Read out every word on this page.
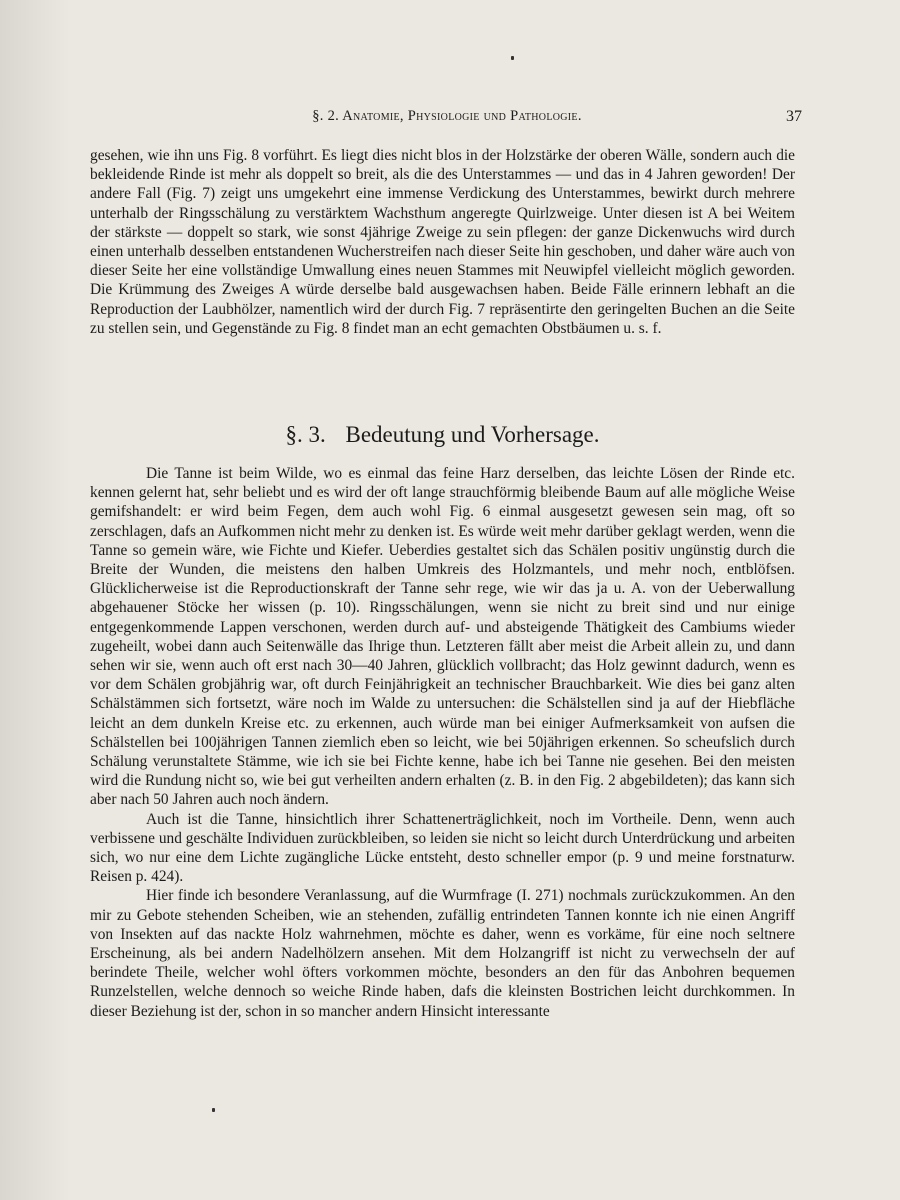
§. 2. Anatomie, Physiologie und Pathologie.	37

gesehen, wie ihn uns Fig. 8 vorführt. Es liegt dies nicht blos in der Holzstärke der oberen Wälle, sondern auch die bekleidende Rinde ist mehr als doppelt so breit, als die des Unterstammes — und das in 4 Jahren geworden! Der andere Fall (Fig. 7) zeigt uns umgekehrt eine immense Verdickung des Unterstammes, bewirkt durch mehrere unterhalb der Ringsschälung zu verstärktem Wachsthum angeregte Quirlzweige. Unter diesen ist A bei Weitem der stärkste — doppelt so stark, wie sonst 4jährige Zweige zu sein pflegen: der ganze Dickenwuchs wird durch einen unterhalb desselben entstandenen Wucherstreifen nach dieser Seite hin geschoben, und daher wäre auch von dieser Seite her eine vollständige Umwallung eines neuen Stammes mit Neuwipfel vielleicht möglich geworden. Die Krümmung des Zweiges A würde derselbe bald ausgewachsen haben. Beide Fälle erinnern lebhaft an die Reproduction der Laubhölzer, namentlich wird der durch Fig. 7 repräsentirte den geringelten Buchen an die Seite zu stellen sein, und Gegenstände zu Fig. 8 findet man an echt gemachten Obstbäumen u. s. f.

§. 3. Bedeutung und Vorhersage.

Die Tanne ist beim Wilde, wo es einmal das feine Harz derselben, das leichte Lösen der Rinde etc. kennen gelernt hat, sehr beliebt und es wird der oft lange strauchförmig bleibende Baum auf alle mögliche Weise gemifshandelt: er wird beim Fegen, dem auch wohl Fig. 6 einmal ausgesetzt gewesen sein mag, oft so zerschlagen, dafs an Aufkommen nicht mehr zu denken ist. Es würde weit mehr darüber geklagt werden, wenn die Tanne so gemein wäre, wie Fichte und Kiefer. Ueberdies gestaltet sich das Schälen positiv ungünstig durch die Breite der Wunden, die meistens den halben Umkreis des Holzmantels, und mehr noch, entblöfsen. Glücklicherweise ist die Reproductionskraft der Tanne sehr rege, wie wir das ja u. A. von der Ueberwallung abgehauener Stöcke her wissen (p. 10). Ringsschälungen, wenn sie nicht zu breit sind und nur einige entgegenkommende Lappen verschonen, werden durch auf- und absteigende Thätigkeit des Cambiums wieder zugeheilt, wobei dann auch Seitenwälle das Ihrige thun. Letzteren fällt aber meist die Arbeit allein zu, und dann sehen wir sie, wenn auch oft erst nach 30—40 Jahren, glücklich vollbracht; das Holz gewinnt dadurch, wenn es vor dem Schälen grobjährig war, oft durch Feinjährigkeit an technischer Brauchbarkeit. Wie dies bei ganz alten Schälstämmen sich fortsetzt, wäre noch im Walde zu untersuchen: die Schälstellen sind ja auf der Hiebfläche leicht an dem dunkeln Kreise etc. zu erkennen, auch würde man bei einiger Aufmerksamkeit von aufsen die Schälstellen bei 100jährigen Tannen ziemlich eben so leicht, wie bei 50jährigen erkennen. So scheufslich durch Schälung verunstaltete Stämme, wie ich sie bei Fichte kenne, habe ich bei Tanne nie gesehen. Bei den meisten wird die Rundung nicht so, wie bei gut verheilten andern erhalten (z. B. in den Fig. 2 abgebildeten); das kann sich aber nach 50 Jahren auch noch ändern.

Auch ist die Tanne, hinsichtlich ihrer Schattenerträglichkeit, noch im Vortheile. Denn, wenn auch verbissene und geschälte Individuen zurückbleiben, so leiden sie nicht so leicht durch Unterdrückung und arbeiten sich, wo nur eine dem Lichte zugängliche Lücke entsteht, desto schneller empor (p. 9 und meine forstnaturw. Reisen p. 424).

Hier finde ich besondere Veranlassung, auf die Wurmfrage (I. 271) nochmals zurückzukommen. An den mir zu Gebote stehenden Scheiben, wie an stehenden, zufällig entrindeten Tannen konnte ich nie einen Angriff von Insekten auf das nackte Holz wahrnehmen, möchte es daher, wenn es vorkäme, für eine noch seltnere Erscheinung, als bei andern Nadelhölzern ansehen. Mit dem Holzangriff ist nicht zu verwechseln der auf berindete Theile, welcher wohl öfters vorkommen möchte, besonders an den für das Anbohren bequemen Runzelstellen, welche dennoch so weiche Rinde haben, dafs die kleinsten Bostrichen leicht durchkommen. In dieser Beziehung ist der, schon in so mancher andern Hinsicht interessante
